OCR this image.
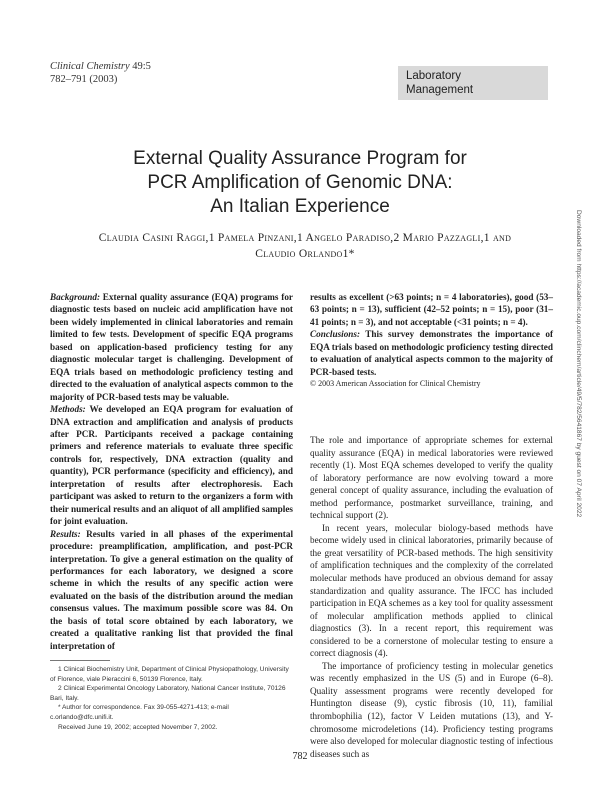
Clinical Chemistry 49:5
782–791 (2003)	Laboratory
Management
External Quality Assurance Program for
PCR Amplification of Genomic DNA:
An Italian Experience
Claudia Casini Raggi,1 Pamela Pinzani,1 Angelo Paradiso,2 Mario Pazzagli,1 and
Claudio Orlando1*

Background: External quality assurance (EQA) programs for diagnostic tests based on nucleic acid amplification have not been widely implemented in clinical laboratories and remain limited to few tests. Development of specific EQA programs based on application-based proficiency testing for any diagnostic molecular target is challenging. Development of EQA trials based on methodologic proficiency testing and directed to the evaluation of analytical aspects common to the majority of PCR-based tests may be valuable.

Methods: We developed an EQA program for evaluation of DNA extraction and amplification and analysis of products after PCR. Participants received a package containing primers and reference materials to evaluate three specific controls for, respectively, DNA extraction (quality and quantity), PCR performance (specificity and efficiency), and interpretation of results after electrophoresis. Each participant was asked to return to the organizers a form with their numerical results and an aliquot of all amplified samples for joint evaluation.

Results: Results varied in all phases of the experimental procedure: preamplification, amplification, and post-PCR interpretation. To give a general estimation on the quality of performances for each laboratory, we designed a score scheme in which the results of any specific action were evaluated on the basis of the distribution around the median consensus values. The maximum possible score was 84. On the basis of total score obtained by each laboratory, we created a qualitative ranking list that provided the final interpretation of

results as excellent (>63 points; n = 4 laboratories), good (53–63 points; n = 13), sufficient (42–52 points; n = 15), poor (31–41 points; n = 3), and not acceptable (<31 points; n = 4).

Conclusions: This survey demonstrates the importance of EQA trials based on methodologic proficiency testing directed to evaluation of analytical aspects common to the majority of PCR-based tests.

© 2003 American Association for Clinical Chemistry

The role and importance of appropriate schemes for external quality assurance (EQA) in medical laboratories were reviewed recently (1). Most EQA schemes developed to verify the quality of laboratory performance are now evolving toward a more general concept of quality assurance, including the evaluation of method performance, postmarket surveillance, training, and technical support (2).

In recent years, molecular biology-based methods have become widely used in clinical laboratories, primarily because of the great versatility of PCR-based methods. The high sensitivity of amplification techniques and the complexity of the correlated molecular methods have produced an obvious demand for assay standardization and quality assurance. The IFCC has included participation in EQA schemes as a key tool for quality assessment of molecular amplification methods applied to clinical diagnostics (3). In a recent report, this requirement was considered to be a cornerstone of molecular testing to ensure a correct diagnosis (4).

The importance of proficiency testing in molecular genetics was recently emphasized in the US (5) and in Europe (6–8). Quality assessment programs were recently developed for Huntington disease (9), cystic fibrosis (10, 11), familial thrombophilia (12), factor V Leiden mutations (13), and Y-chromosome microdeletions (14). Proficiency testing programs were also developed for molecular diagnostic testing of infectious diseases such as

1 Clinical Biochemistry Unit, Department of Clinical Physiopathology, University of Florence, viale Pieraccini 6, 50139 Florence, Italy.

2 Clinical Experimental Oncology Laboratory, National Cancer Institute, 70126 Bari, Italy.

* Author for correspondence. Fax 39-055-4271-413; e-mail c.orlando@dfc.unifi.it.

Received June 19, 2002; accepted November 7, 2002.

782
Downloaded from https://academic.oup.com/clinchem/article/49/5/782/5641867 by guest on 07 April 2022
